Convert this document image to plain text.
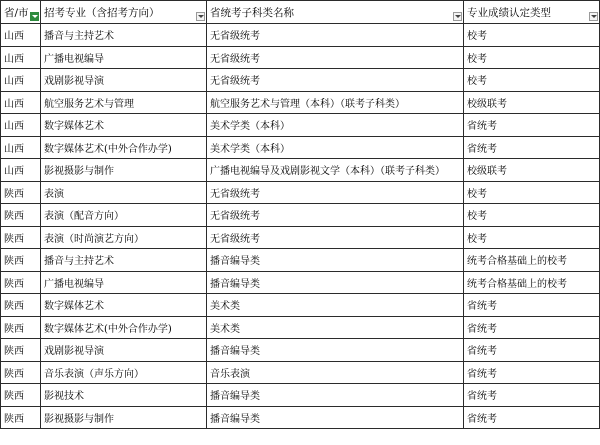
省/市	招考专业（含招考方向）	省统考子科类名称	专业成绩认定类型

山西	播音与主持艺术	无省级统考	校考
山西	广播电视编导	无省级统考	校考
山西	戏剧影视导演	无省级统考	校考
山西	航空服务艺术与管理	航空服务艺术与管理（本科）（联考子科类）	校级联考
山西	数字媒体艺术	美术学类（本科）	省统考
山西	数字媒体艺术(中外合作办学)	美术学类（本科）	省统考
山西	影视摄影与制作	广播电视编导及戏剧影视文学（本科）（联考子科类）	校级联考
陕西	表演	无省级统考	校考
陕西	表演（配音方向）	无省级统考	校考
陕西	表演（时尚演艺方向）	无省级统考	校考
陕西	播音与主持艺术	播音编导类	统考合格基础上的校考
陕西	广播电视编导	播音编导类	统考合格基础上的校考
陕西	数字媒体艺术	美术类	省统考
陕西	数字媒体艺术(中外合作办学)	美术类	省统考
陕西	戏剧影视导演	播音编导类	省统考
陕西	音乐表演（声乐方向）	音乐表演	省统考
陕西	影视技术	播音编导类	省统考
陕西	影视摄影与制作	播音编导类	省统考
